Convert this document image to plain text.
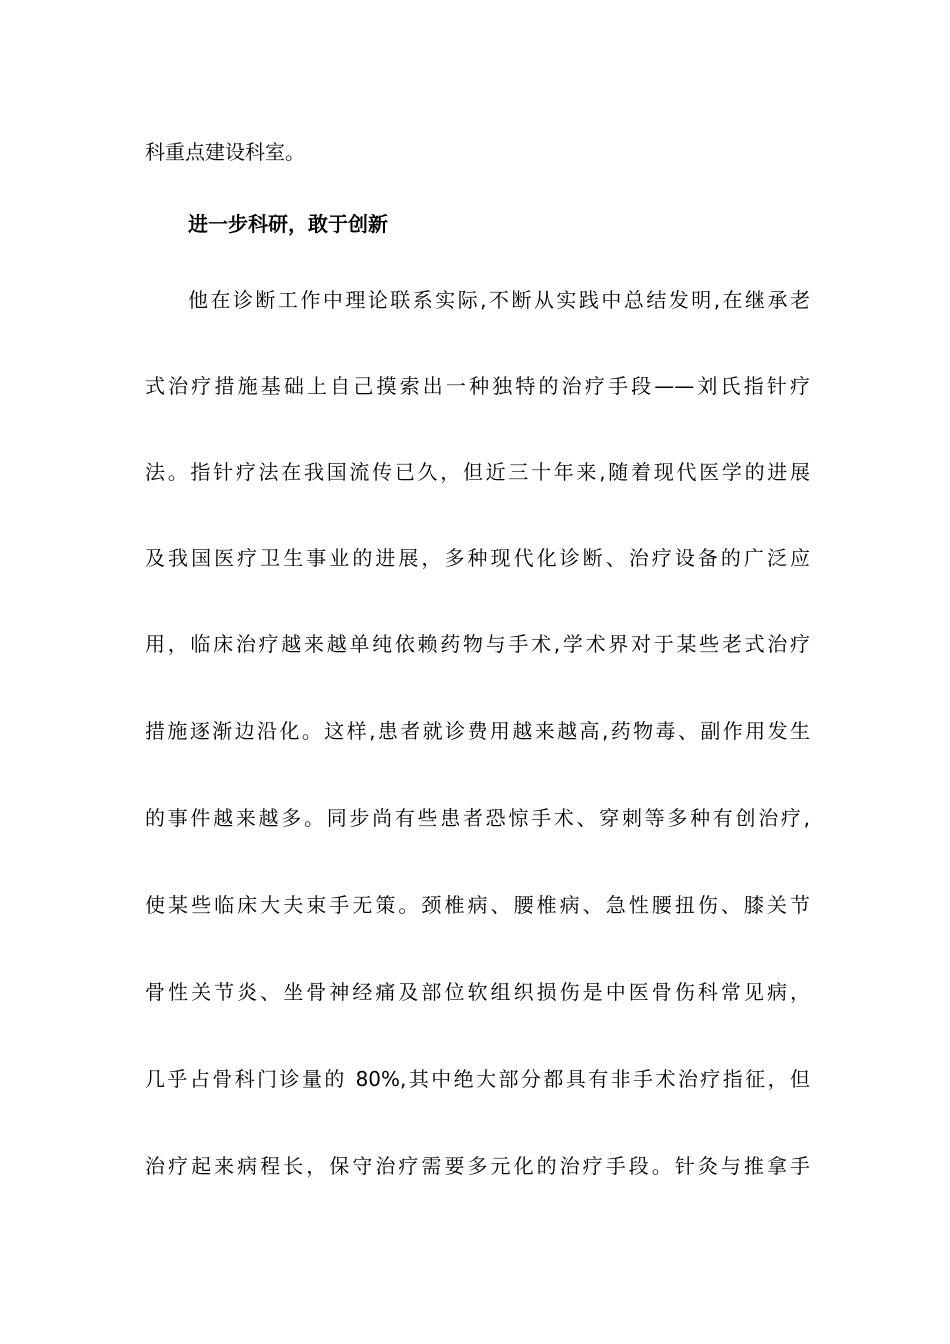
科重点建设科室。
进一步科研，敢于创新
他在诊断工作中理论联系实际,不断从实践中总结发明,在继承老
式治疗措施基础上自己摸索出一种独特的治疗手段——刘氏指针疗
法。指针疗法在我国流传已久，但近三十年来,随着现代医学的进展
及我国医疗卫生事业的进展，多种现代化诊断、治疗设备的广泛应
用，临床治疗越来越单纯依赖药物与手术,学术界对于某些老式治疗
措施逐渐边沿化。这样,患者就诊费用越来越高,药物毒、副作用发生
的事件越来越多。同步尚有些患者恐惊手术、穿刺等多种有创治疗,
使某些临床大夫束手无策。颈椎病、腰椎病、急性腰扭伤、膝关节
骨性关节炎、坐骨神经痛及部位软组织损伤是中医骨伤科常见病，
几乎占骨科门诊量的 80%,其中绝大部分都具有非手术治疗指征，但
治疗起来病程长，保守治疗需要多元化的治疗手段。针灸与推拿手
